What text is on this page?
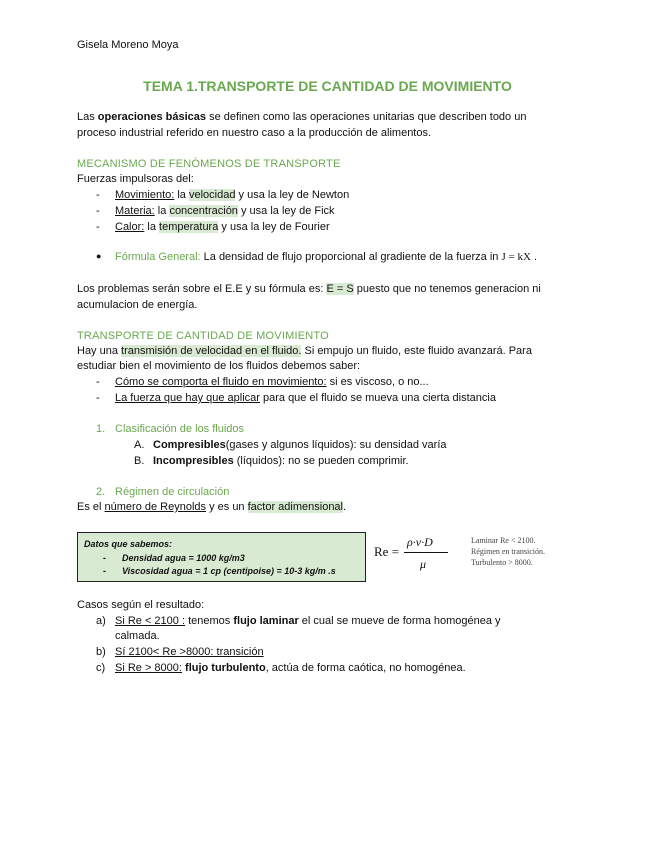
Gisela Moreno Moya
TEMA 1.TRANSPORTE DE CANTIDAD DE MOVIMIENTO
Las operaciones básicas se definen como las operaciones unitarias que describen todo un
proceso industrial referido en nuestro caso a la producción de alimentos.
MECANISMO DE FENÓMENOS DE TRANSPORTE
Fuerzas impulsoras del:
- Movimiento: la velocidad y usa la ley de Newton
- Materia: la concentración y usa la ley de Fick
- Calor: la temperatura y usa la ley de Fourier
● Fórmula General: La densidad de flujo proporcional al gradiente de la fuerza in J = kX .
Los problemas serán sobre el E.E y su fórmula es: E = S puesto que no tenemos generacion ni
acumulacion de energía.
TRANSPORTE DE CANTIDAD DE MOVIMIENTO
Hay una transmisión de velocidad en el fluido. Si empujo un fluido, este fluido avanzará. Para
estudiar bien el movimiento de los fluidos debemos saber:
- Cómo se comporta el fluido en movimiento: si es viscoso, o no...
- La fuerza que hay que aplicar para que el fluido se mueva una cierta distancia
1. Clasificación de los fluidos
A. Compresibles(gases y algunos líquidos): su densidad varía
B. Incompresibles (líquidos): no se pueden comprimir.
2. Régimen de circulación
Es el número de Reynolds y es un factor adimensional.
Datos que sabemos:
- Densidad agua = 1000 kg/m3
- Viscosidad agua = 1 cp (centipoise) = 10-3 kg/m .s
Re =
ρ·v·D
μ
Laminar Re < 2100.
Régimen en transición.
Turbulento > 8000.
Casos según el resultado:
a) Si Re < 2100 : tenemos flujo laminar el cual se mueve de forma homogénea y
calmada.
b) Sí 2100< Re >8000: transición
c) Si Re > 8000: flujo turbulento, actúa de forma caótica, no homogénea.
